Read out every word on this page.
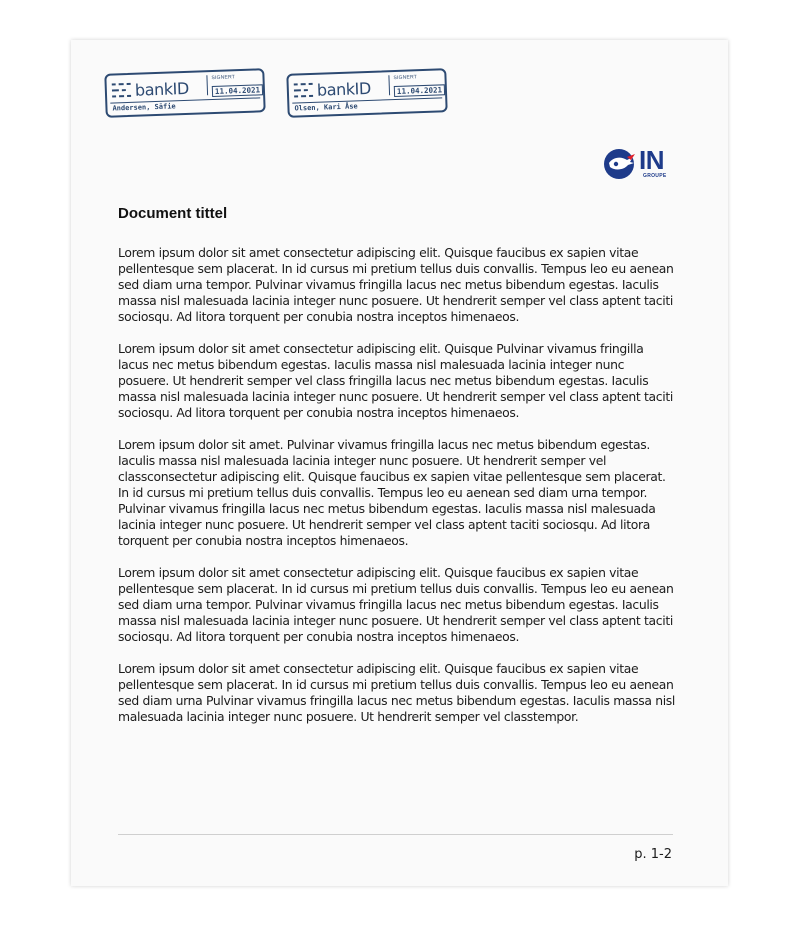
bankID
SIGNERT
11.04.2021
Andersen, Sāfie
bankID
SIGNERT
11.04.2021
Olsen, Kari Åse
IN
GROUPE
Document tittel

Lorem ipsum dolor sit amet consectetur adipiscing elit. Quisque faucibus ex sapien vitae pellentesque sem placerat. In id cursus mi pretium tellus duis convallis. Tempus leo eu aenean sed diam urna tempor. Pulvinar vivamus fringilla lacus nec metus bibendum egestas. Iaculis massa nisl malesuada lacinia integer nunc posuere. Ut hendrerit semper vel class aptent taciti sociosqu. Ad litora torquent per conubia nostra inceptos himenaeos.

Lorem ipsum dolor sit amet consectetur adipiscing elit. Quisque Pulvinar vivamus fringilla lacus nec metus bibendum egestas. Iaculis massa nisl malesuada lacinia integer nunc posuere. Ut hendrerit semper vel class fringilla lacus nec metus bibendum egestas. Iaculis massa nisl malesuada lacinia integer nunc posuere. Ut hendrerit semper vel class aptent taciti sociosqu. Ad litora torquent per conubia nostra inceptos himenaeos.

Lorem ipsum dolor sit amet. Pulvinar vivamus fringilla lacus nec metus bibendum egestas. Iaculis massa nisl malesuada lacinia integer nunc posuere. Ut hendrerit semper vel classconsectetur adipiscing elit. Quisque faucibus ex sapien vitae pellentesque sem placerat. In id cursus mi pretium tellus duis convallis. Tempus leo eu aenean sed diam urna tempor. Pulvinar vivamus fringilla lacus nec metus bibendum egestas. Iaculis massa nisl malesuada lacinia integer nunc posuere. Ut hendrerit semper vel class aptent taciti sociosqu. Ad litora torquent per conubia nostra inceptos himenaeos.

Lorem ipsum dolor sit amet consectetur adipiscing elit. Quisque faucibus ex sapien vitae pellentesque sem placerat. In id cursus mi pretium tellus duis convallis. Tempus leo eu aenean sed diam urna tempor. Pulvinar vivamus fringilla lacus nec metus bibendum egestas. Iaculis massa nisl malesuada lacinia integer nunc posuere. Ut hendrerit semper vel class aptent taciti sociosqu. Ad litora torquent per conubia nostra inceptos himenaeos.

Lorem ipsum dolor sit amet consectetur adipiscing elit. Quisque faucibus ex sapien vitae pellentesque sem placerat. In id cursus mi pretium tellus duis convallis. Tempus leo eu aenean sed diam urna Pulvinar vivamus fringilla lacus nec metus bibendum egestas. Iaculis massa nisl malesuada lacinia integer nunc posuere. Ut hendrerit semper vel classtempor.

p. 1-2
